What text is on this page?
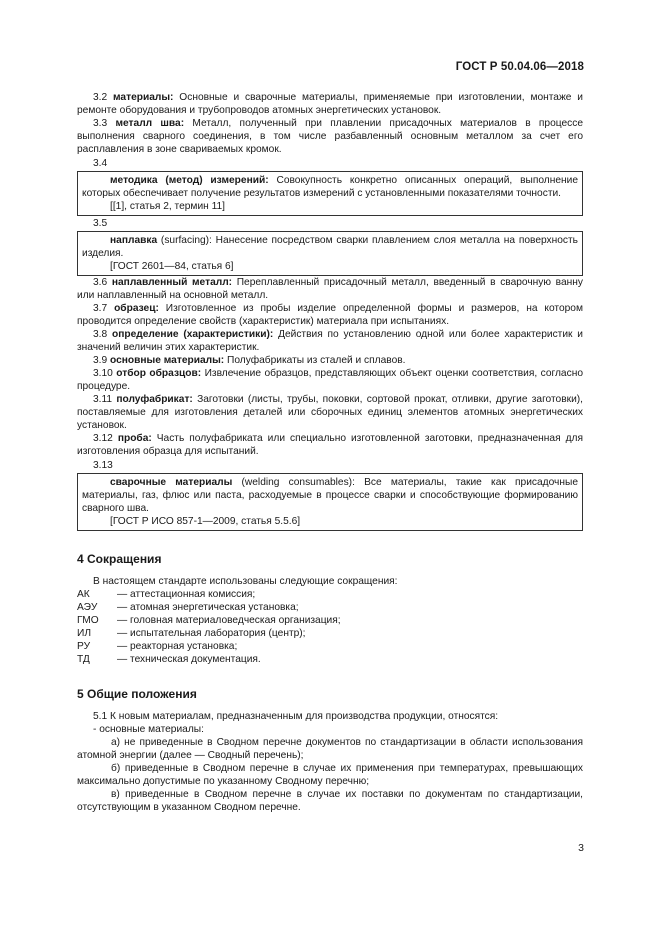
ГОСТ Р 50.04.06—2018

3.2 материалы: Основные и сварочные материалы, применяемые при изготовлении, монтаже и ремонте оборудования и трубопроводов атомных энергетических установок.

3.3 металл шва: Металл, полученный при плавлении присадочных материалов в процессе выполнения сварного соединения, в том числе разбавленный основным металлом за счет его расплавления в зоне свариваемых кромок.

3.4

методика (метод) измерений: Совокупность конкретно описанных операций, выполнение которых обеспечивает получение результатов измерений с установленными показателями точности.

[[1], статья 2, термин 11]

3.5

наплавка (surfacing): Нанесение посредством сварки плавлением слоя металла на поверхность изделия.

[ГОСТ 2601—84, статья 6]

3.6 наплавленный металл: Переплавленный присадочный металл, введенный в сварочную ванну или наплавленный на основной металл.

3.7 образец: Изготовленное из пробы изделие определенной формы и размеров, на котором проводится определение свойств (характеристик) материала при испытаниях.

3.8 определение (характеристики): Действия по установлению одной или более характеристик и значений величин этих характеристик.

3.9 основные материалы: Полуфабрикаты из сталей и сплавов.

3.10 отбор образцов: Извлечение образцов, представляющих объект оценки соответствия, согласно процедуре.

3.11 полуфабрикат: Заготовки (листы, трубы, поковки, сортовой прокат, отливки, другие заготовки), поставляемые для изготовления деталей или сборочных единиц элементов атомных энергетических установок.

3.12 проба: Часть полуфабриката или специально изготовленной заготовки, предназначенная для изготовления образца для испытаний.

3.13

сварочные материалы (welding consumables): Все материалы, такие как присадочные материалы, газ, флюс или паста, расходуемые в процессе сварки и способствующие формированию сварного шва.

[ГОСТ Р ИСО 857-1—2009, статья 5.5.6]

4 Сокращения

В настоящем стандарте использованы следующие сокращения:

АК	— аттестационная комиссия;
АЭУ	— атомная энергетическая установка;
ГМО	— головная материаловедческая организация;
ИЛ	— испытательная лаборатория (центр);
РУ	— реакторная установка;
ТД	— техническая документация.
5 Общие положения

5.1 К новым материалам, предназначенным для производства продукции, относятся:

- основные материалы:

а) не приведенные в Сводном перечне документов по стандартизации в области использования атомной энергии (далее — Сводный перечень);

б) приведенные в Сводном перечне в случае их применения при температурах, превышающих максимально допустимые по указанному Сводному перечню;

в) приведенные в Сводном перечне в случае их поставки по документам по стандартизации, отсутствующим в указанном Сводном перечне.

3
